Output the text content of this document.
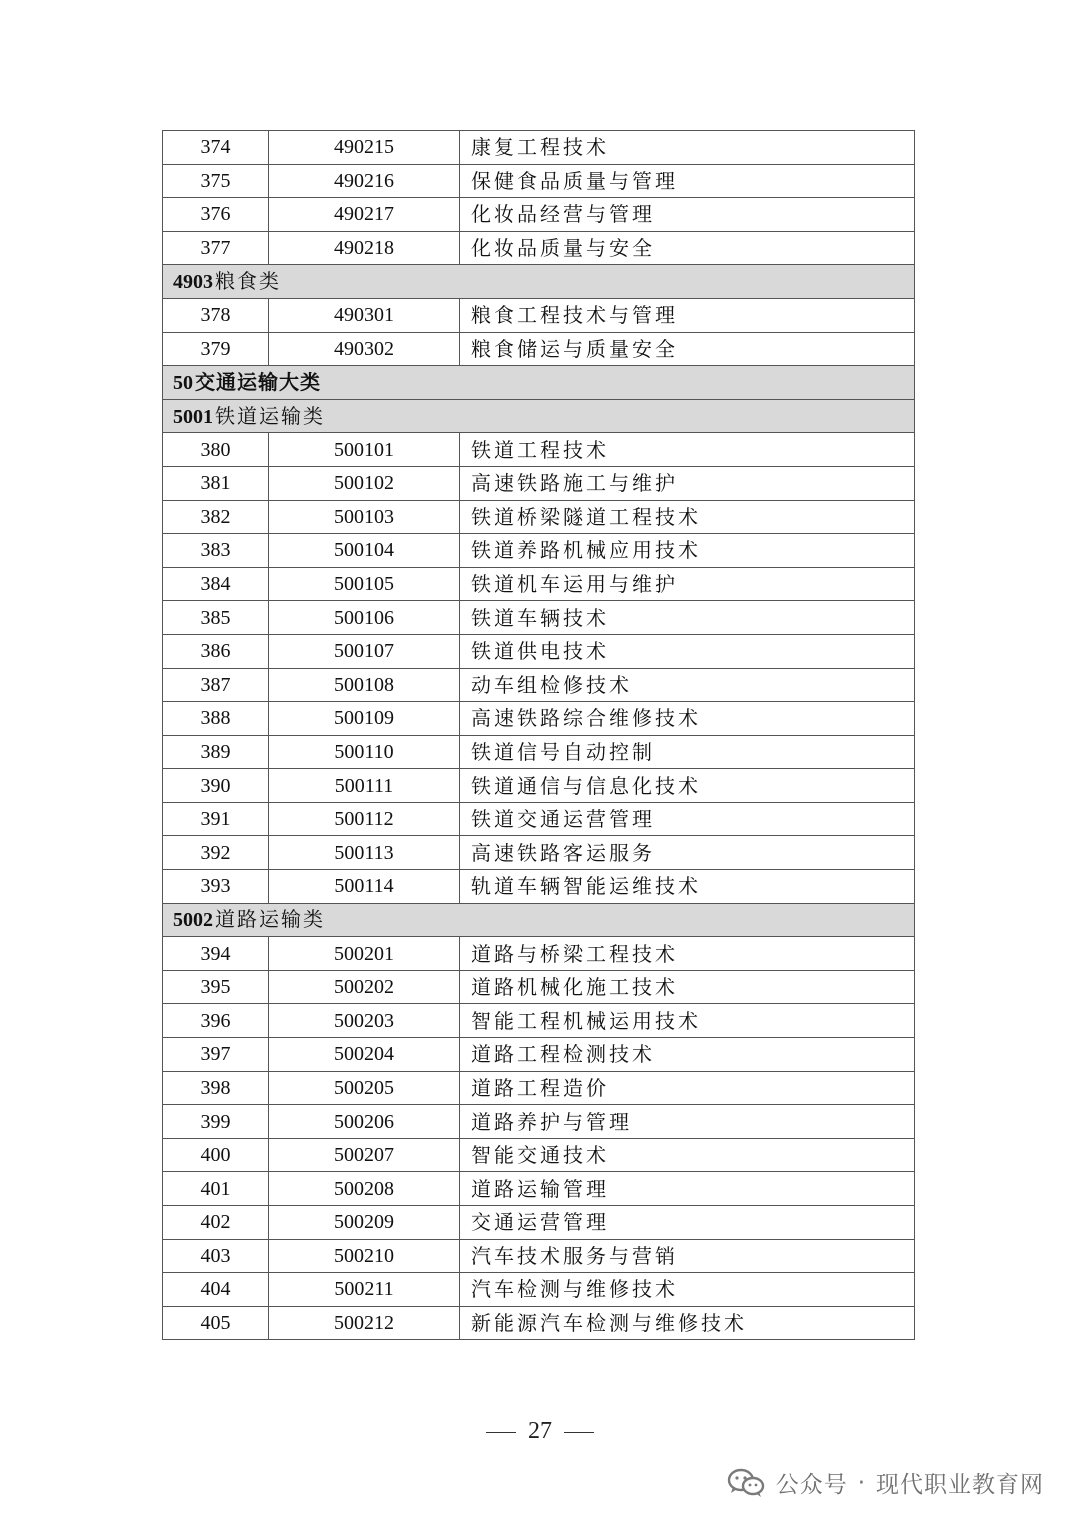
374	490215	康复工程技术
375	490216	保健食品质量与管理
376	490217	化妆品经营与管理
377	490218	化妆品质量与安全
4903 粮食类		
378	490301	粮食工程技术与管理
379	490302	粮食储运与质量安全
50 交通运输大类		
5001 铁道运输类		
380	500101	铁道工程技术
381	500102	高速铁路施工与维护
382	500103	铁道桥梁隧道工程技术
383	500104	铁道养路机械应用技术
384	500105	铁道机车运用与维护
385	500106	铁道车辆技术
386	500107	铁道供电技术
387	500108	动车组检修技术
388	500109	高速铁路综合维修技术
389	500110	铁道信号自动控制
390	500111	铁道通信与信息化技术
391	500112	铁道交通运营管理
392	500113	高速铁路客运服务
393	500114	轨道车辆智能运维技术
5002 道路运输类		
394	500201	道路与桥梁工程技术
395	500202	道路机械化施工技术
396	500203	智能工程机械运用技术
397	500204	道路工程检测技术
398	500205	道路工程造价
399	500206	道路养护与管理
400	500207	智能交通技术
401	500208	道路运输管理
402	500209	交通运营管理
403	500210	汽车技术服务与营销
404	500211	汽车检测与维修技术
405	500212	新能源汽车检测与维修技术
27
公众号 · 现代职业教育网
